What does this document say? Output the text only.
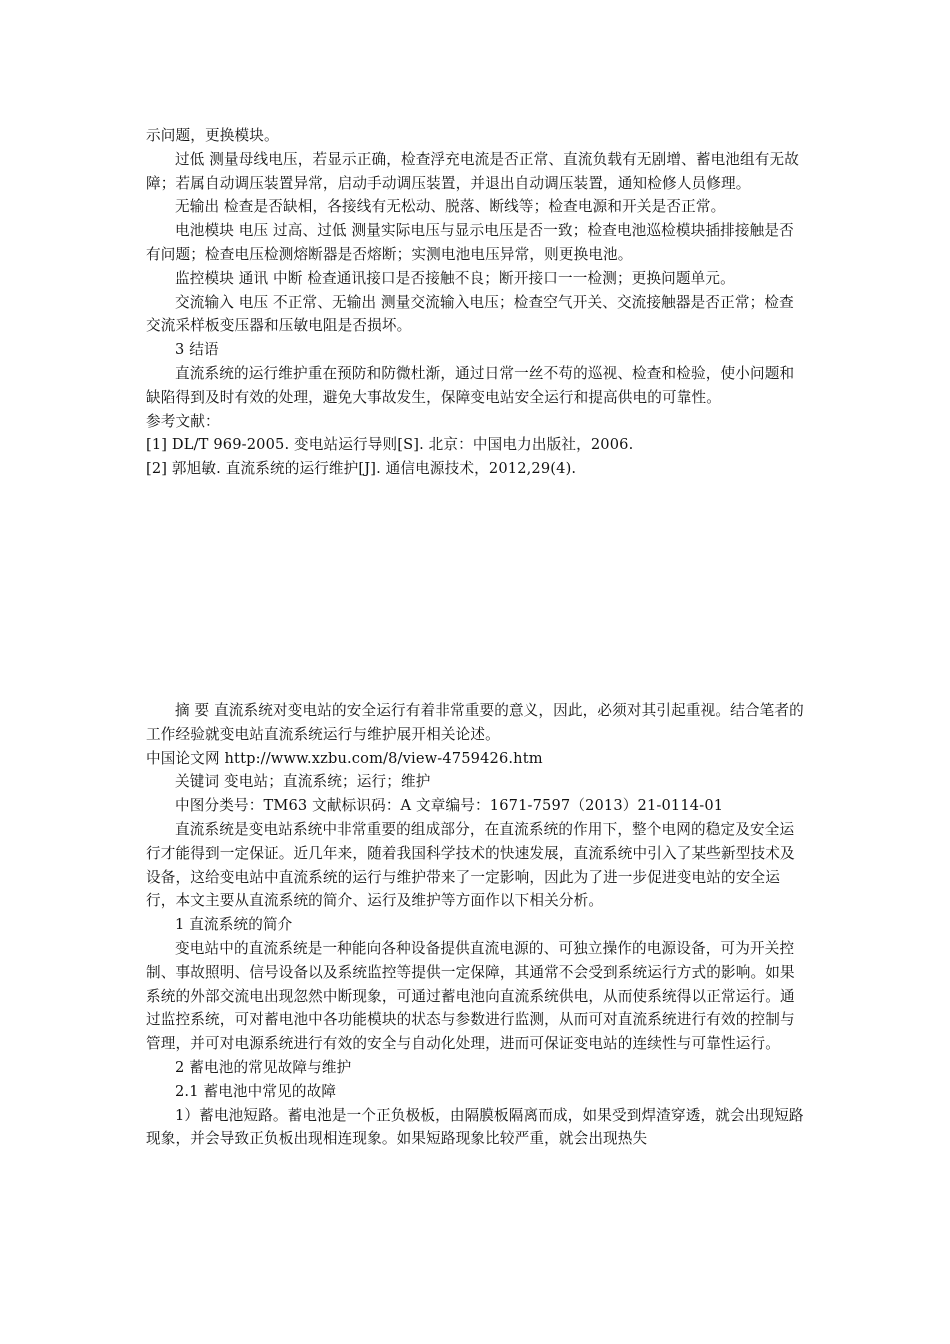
示问题，更换模块。

过低 测量母线电压，若显示正确，检查浮充电流是否正常、直流负载有无剧增、蓄电池组有无故障；若属自动调压装置异常，启动手动调压装置，并退出自动调压装置，通知检修人员修理。

无输出 检查是否缺相，各接线有无松动、脱落、断线等；检查电源和开关是否正常。

电池模块 电压 过高、过低 测量实际电压与显示电压是否一致；检查电池巡检模块插排接触是否有问题；检查电压检测熔断器是否熔断；实测电池电压异常，则更换电池。

监控模块 通讯 中断 检查通讯接口是否接触不良；断开接口一一检测；更换问题单元。

交流输入 电压 不正常、无输出 测量交流输入电压；检查空气开关、交流接触器是否正常；检查交流采样板变压器和压敏电阻是否损坏。

3 结语

直流系统的运行维护重在预防和防微杜渐，通过日常一丝不苟的巡视、检查和检验，使小问题和缺陷得到及时有效的处理，避免大事故发生，保障变电站安全运行和提高供电的可靠性。

参考文献：

[1] DL/T 969-2005. 变电站运行导则[S]. 北京：中国电力出版社，2006.

[2] 郭旭敏. 直流系统的运行维护[J]. 通信电源技术，2012,29(4).

摘 要 直流系统对变电站的安全运行有着非常重要的意义，因此，必须对其引起重视。结合笔者的工作经验就变电站直流系统运行与维护展开相关论述。

中国论文网 http://www.xzbu.com/8/view-4759426.htm

关键词 变电站；直流系统；运行；维护

中图分类号：TM63 文献标识码：A 文章编号：1671-7597（2013）21-0114-01

直流系统是变电站系统中非常重要的组成部分，在直流系统的作用下，整个电网的稳定及安全运行才能得到一定保证。近几年来，随着我国科学技术的快速发展，直流系统中引入了某些新型技术及设备，这给变电站中直流系统的运行与维护带来了一定影响，因此为了进一步促进变电站的安全运行，本文主要从直流系统的简介、运行及维护等方面作以下相关分析。

1 直流系统的简介

变电站中的直流系统是一种能向各种设备提供直流电源的、可独立操作的电源设备，可为开关控制、事故照明、信号设备以及系统监控等提供一定保障，其通常不会受到系统运行方式的影响。如果系统的外部交流电出现忽然中断现象，可通过蓄电池向直流系统供电，从而使系统得以正常运行。通过监控系统，可对蓄电池中各功能模块的状态与参数进行监测，从而可对直流系统进行有效的控制与管理，并可对电源系统进行有效的安全与自动化处理，进而可保证变电站的连续性与可靠性运行。

2 蓄电池的常见故障与维护

2.1 蓄电池中常见的故障

1）蓄电池短路。蓄电池是一个正负极板，由隔膜板隔离而成，如果受到焊渣穿透，就会出现短路现象，并会导致正负板出现相连现象。如果短路现象比较严重，就会出现热失
